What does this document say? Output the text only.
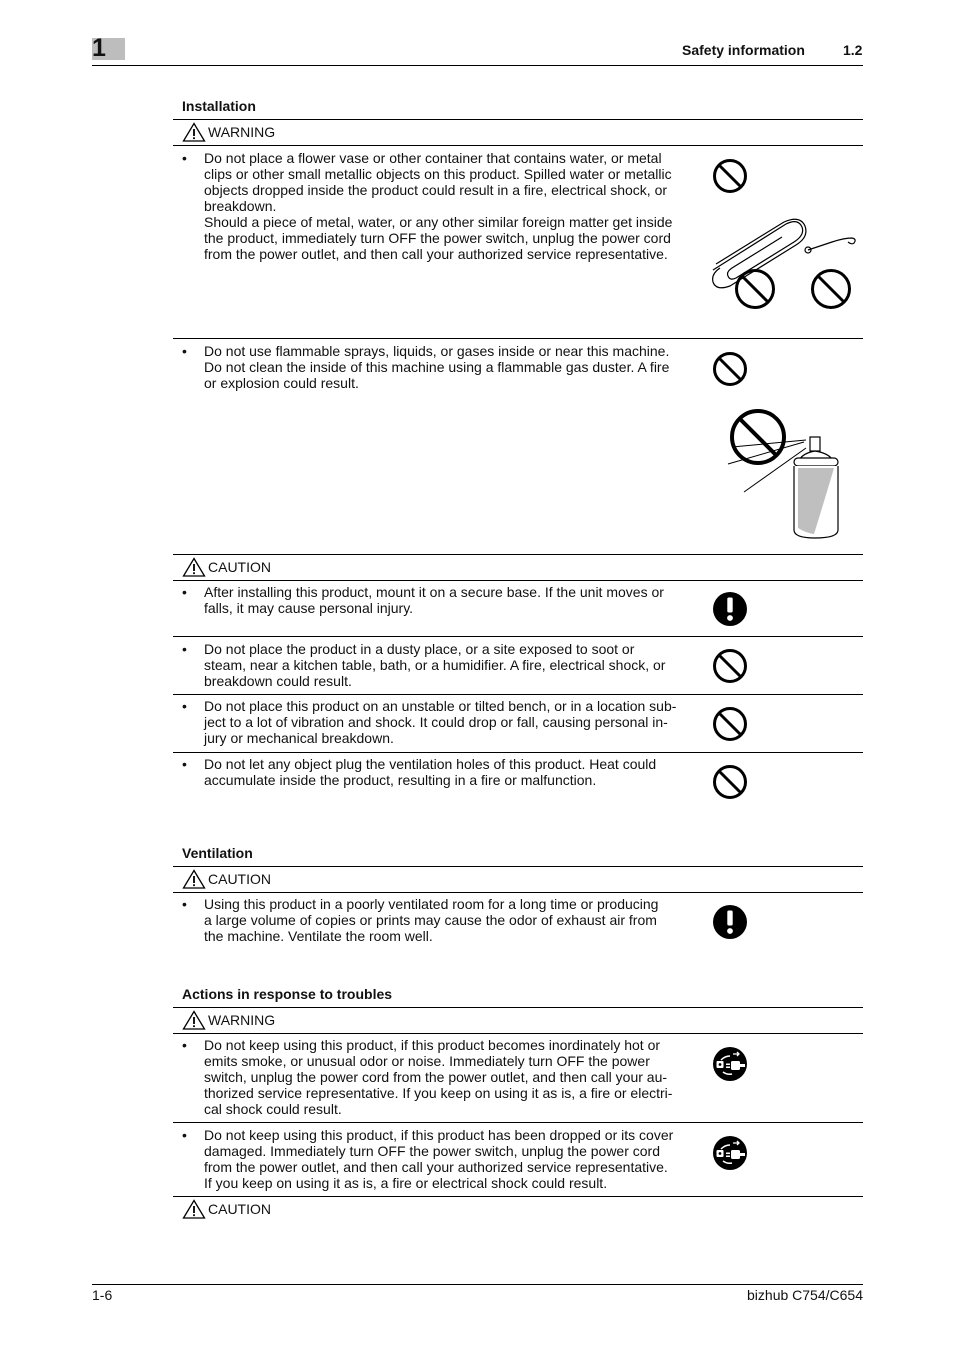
1	Safety information	1.2
Installation
WARNING
• Do not place a flower vase or other container that contains water, or metal
clips or other small metallic objects on this product. Spilled water or metallic
objects dropped inside the product could result in a fire, electrical shock, or
breakdown.
Should a piece of metal, water, or any other similar foreign matter get inside
the product, immediately turn OFF the power switch, unplug the power cord
from the power outlet, and then call your authorized service representative.

• Do not use flammable sprays, liquids, or gases inside or near this machine.
Do not clean the inside of this machine using a flammable gas duster. A fire
or explosion could result.

CAUTION
• After installing this product, mount it on a secure base. If the unit moves or
falls, it may cause personal injury.

• Do not place the product in a dusty place, or a site exposed to soot or
steam, near a kitchen table, bath, or a humidifier. A fire, electrical shock, or
breakdown could result.

• Do not place this product on an unstable or tilted bench, or in a location sub-
ject to a lot of vibration and shock. It could drop or fall, causing personal in-
jury or mechanical breakdown.

• Do not let any object plug the ventilation holes of this product. Heat could
accumulate inside the product, resulting in a fire or malfunction.

Ventilation
CAUTION
• Using this product in a poorly ventilated room for a long time or producing
a large volume of copies or prints may cause the odor of exhaust air from
the machine. Ventilate the room well.

Actions in response to troubles
WARNING
• Do not keep using this product, if this product becomes inordinately hot or
emits smoke, or unusual odor or noise. Immediately turn OFF the power
switch, unplug the power cord from the power outlet, and then call your au-
thorized service representative. If you keep on using it as is, a fire or electri-
cal shock could result.

• Do not keep using this product, if this product has been dropped or its cover
damaged. Immediately turn OFF the power switch, unplug the power cord
from the power outlet, and then call your authorized service representative.
If you keep on using it as is, a fire or electrical shock could result.

CAUTION
1-6	bizhub C754/C654
